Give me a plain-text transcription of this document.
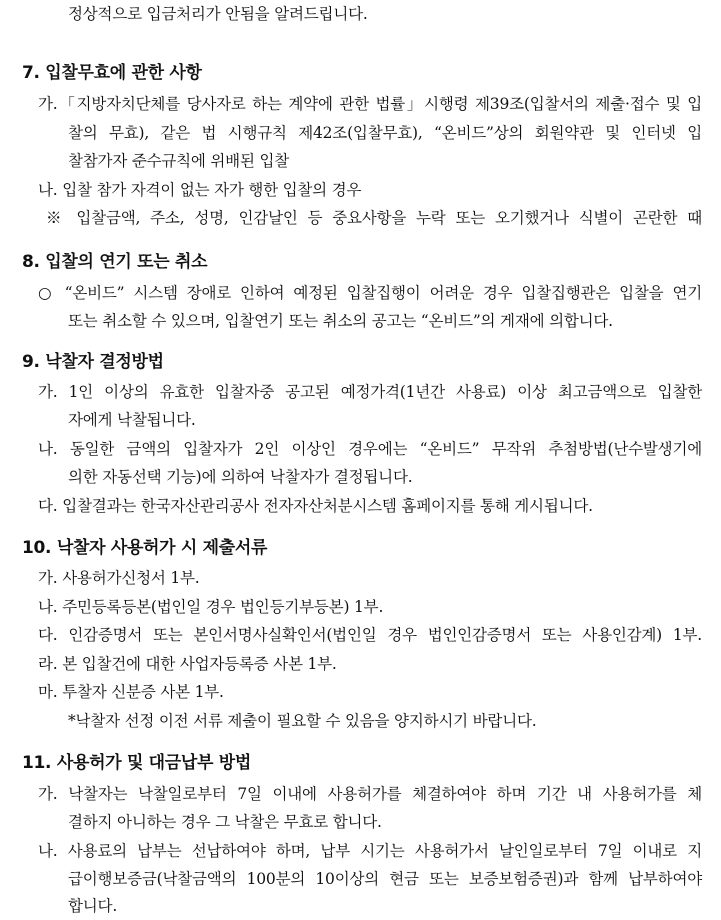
정상적으로 입금처리가 안됨을 알려드립니다.
7. 입찰무효에 관한 사항
가.「지방자치단체를 당사자로 하는 계약에 관한 법률」시행령 제39조(입찰서의 제출·접수 및 입
찰의 무효), 같은 법 시행규칙 제42조(입찰무효), “온비드”상의 회원약관 및 인터넷 입
찰참가자 준수규칙에 위배된 입찰
나. 입찰 참가 자격이 없는 자가 행한 입찰의 경우
※ 입찰금액, 주소, 성명, 인감날인 등 중요사항을 누락 또는 오기했거나 식별이 곤란한 때
8. 입찰의 연기 또는 취소
○ “온비드” 시스템 장애로 인하여 예정된 입찰집행이 어려운 경우 입찰집행관은 입찰을 연기
또는 취소할 수 있으며, 입찰연기 또는 취소의 공고는 “온비드”의 게재에 의합니다.
9. 낙찰자 결정방법
가. 1인 이상의 유효한 입찰자중 공고된 예정가격(1년간 사용료) 이상 최고금액으로 입찰한
자에게 낙찰됩니다.
나. 동일한 금액의 입찰자가 2인 이상인 경우에는 “온비드” 무작위 추첨방법(난수발생기에
의한 자동선택 기능)에 의하여 낙찰자가 결정됩니다.
다. 입찰결과는 한국자산관리공사 전자자산처분시스템 홈페이지를 통해 게시됩니다.
10. 낙찰자 사용허가 시 제출서류
가. 사용허가신청서 1부.
나. 주민등록등본(법인일 경우 법인등기부등본) 1부.
다. 인감증명서 또는 본인서명사실확인서(법인일 경우 법인인감증명서 또는 사용인감계) 1부.
라. 본 입찰건에 대한 사업자등록증 사본 1부.
마. 투찰자 신분증 사본 1부.
*낙찰자 선정 이전 서류 제출이 필요할 수 있음을 양지하시기 바랍니다.
11. 사용허가 및 대금납부 방법
가. 낙찰자는 낙찰일로부터 7일 이내에 사용허가를 체결하여야 하며 기간 내 사용허가를 체
결하지 아니하는 경우 그 낙찰은 무효로 합니다.
나. 사용료의 납부는 선납하여야 하며, 납부 시기는 사용허가서 날인일로부터 7일 이내로 지
급이행보증금(낙찰금액의 100분의 10이상의 현금 또는 보증보험증권)과 함께 납부하여야
합니다.
